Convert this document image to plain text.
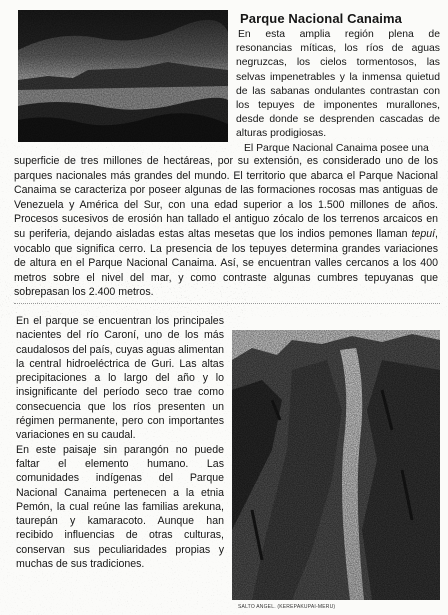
Parque Nacional Canaima

En esta amplia región plena de resonancias míticas, los ríos de aguas negruzcas, los cielos tormentosos, las selvas impenetrables y la inmensa quietud de las sabanas ondulantes contrastan con los tepuyes de imponentes murallones, desde donde se desprenden cascadas de alturas prodigiosas.

El Parque Nacional Canaima posee una

superficie de tres millones de hectáreas, por su extensión, es considerado uno de los parques nacionales más grandes del mundo. El territorio que abarca el Parque Nacional Canaima se caracteriza por poseer algunas de las formaciones rocosas mas antiguas de Venezuela y América del Sur, con una edad superior a los 1.500 millones de años. Procesos sucesivos de erosión han tallado el antiguo zócalo de los terrenos arcaicos en su periferia, dejando aisladas estas altas mesetas que los indios pemones llaman tepuí, vocablo que significa cerro. La presencia de los tepuyes determina grandes variaciones de altura en el Parque Nacional Canaima. Así, se encuentran valles cercanos a los 400 metros sobre el nivel del mar, y como contraste algunas cumbres tepuyanas que sobrepasan los 2.400 metros.

En el parque se encuentran los principales nacientes del río Caroní, uno de los más caudalosos del país, cuyas aguas alimentan la central hidroeléctrica de Guri. Las altas precipitaciones a lo largo del año y lo insignificante del período seco trae como consecuencia que los ríos presenten un régimen permanente, pero con importantes variaciones en su caudal.

En este paisaje sin parangón no puede faltar el elemento humano. Las comunidades indígenas del Parque Nacional Canaima pertenecen a la etnia Pemón, la cual reúne las familias arekuna, taurepán y kamaracoto. Aunque han recibido influencias de otras culturas, conservan sus peculiaridades propias y muchas de sus tradiciones.

SALTO ANGEL. (KEREPAKUPAI-MERU)
